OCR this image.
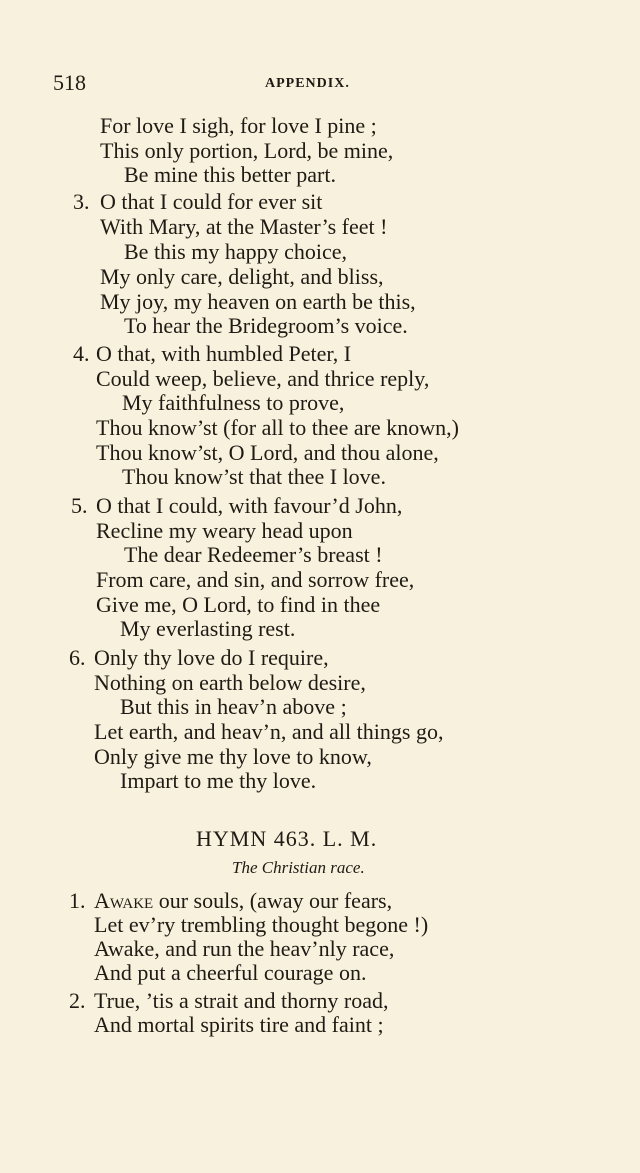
518	APPENDIX.
For love I sigh, for love I pine ;
This only portion, Lord, be mine,
Be mine this better part.
3. O that I could for ever sit
With Mary, at the Master’s feet !
Be this my happy choice,
My only care, delight, and bliss,
My joy, my heaven on earth be this,
To hear the Bridegroom’s voice.
4. O that, with humbled Peter, I
Could weep, believe, and thrice reply,
My faithfulness to prove,
Thou know’st (for all to thee are known,)
Thou know’st, O Lord, and thou alone,
Thou know’st that thee I love.
5. O that I could, with favour’d John,
Recline my weary head upon
The dear Redeemer’s breast !
From care, and sin, and sorrow free,
Give me, O Lord, to find in thee
My everlasting rest.
6. Only thy love do I require,
Nothing on earth below desire,
But this in heav’n above ;
Let earth, and heav’n, and all things go,
Only give me thy love to know,
Impart to me thy love.
HYMN 463. L. M.
The Christian race.
1. Awake our souls, (away our fears,
Let ev’ry trembling thought begone !)
Awake, and run the heav’nly race,
And put a cheerful courage on.
2. True, ’tis a strait and thorny road,
And mortal spirits tire and faint ;
